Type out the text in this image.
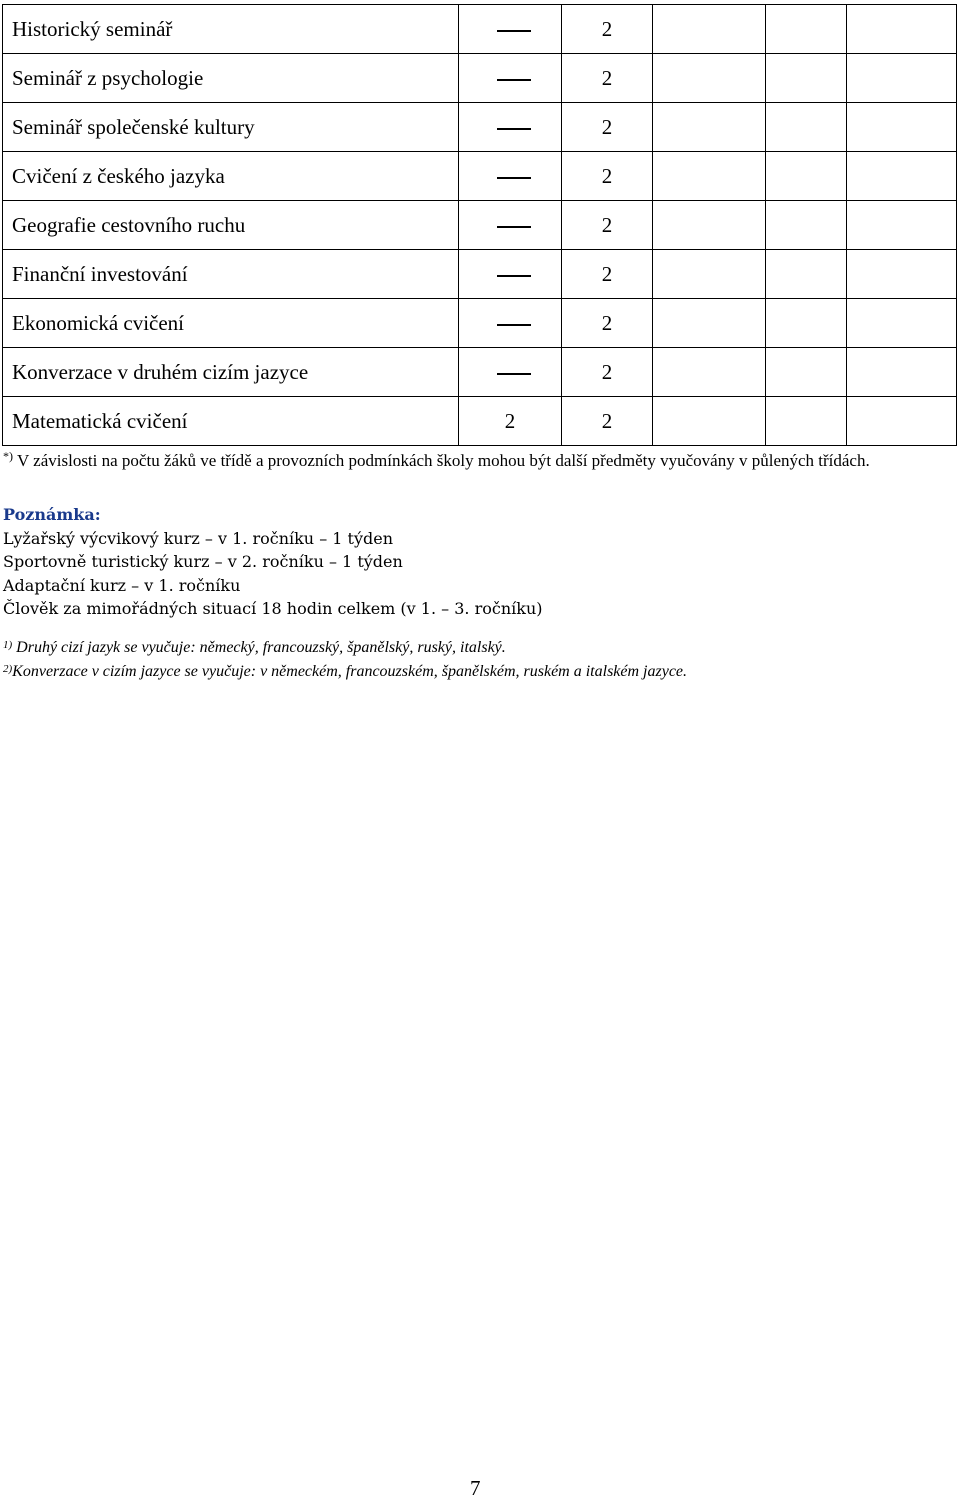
Historický seminář		2			
Seminář z psychologie		2			
Seminář společenské kultury		2			
Cvičení z českého jazyka		2			
Geografie cestovního ruchu		2			
Finanční investování		2			
Ekonomická cvičení		2			
Konverzace v druhém cizím jazyce		2			
Matematická cvičení	2	2			
*) V závislosti na počtu žáků ve třídě a provozních podmínkách školy mohou být další předměty vyučovány v půlených třídách.
Poznámka:
Lyžařský výcvikový kurz – v 1. ročníku – 1 týden
Sportovně turistický kurz – v 2. ročníku – 1 týden
Adaptační kurz – v 1. ročníku
Člověk za mimořádných situací 18 hodin celkem (v 1. – 3. ročníku)
$^{1)}$ Druhý cizí jazyk se vyučuje: německý, francouzský, španělský, ruský, italský.
$^{2)}$Konverzace v cizím jazyce se vyučuje: v německém, francouzském, španělském, ruském a italském jazyce.
7
